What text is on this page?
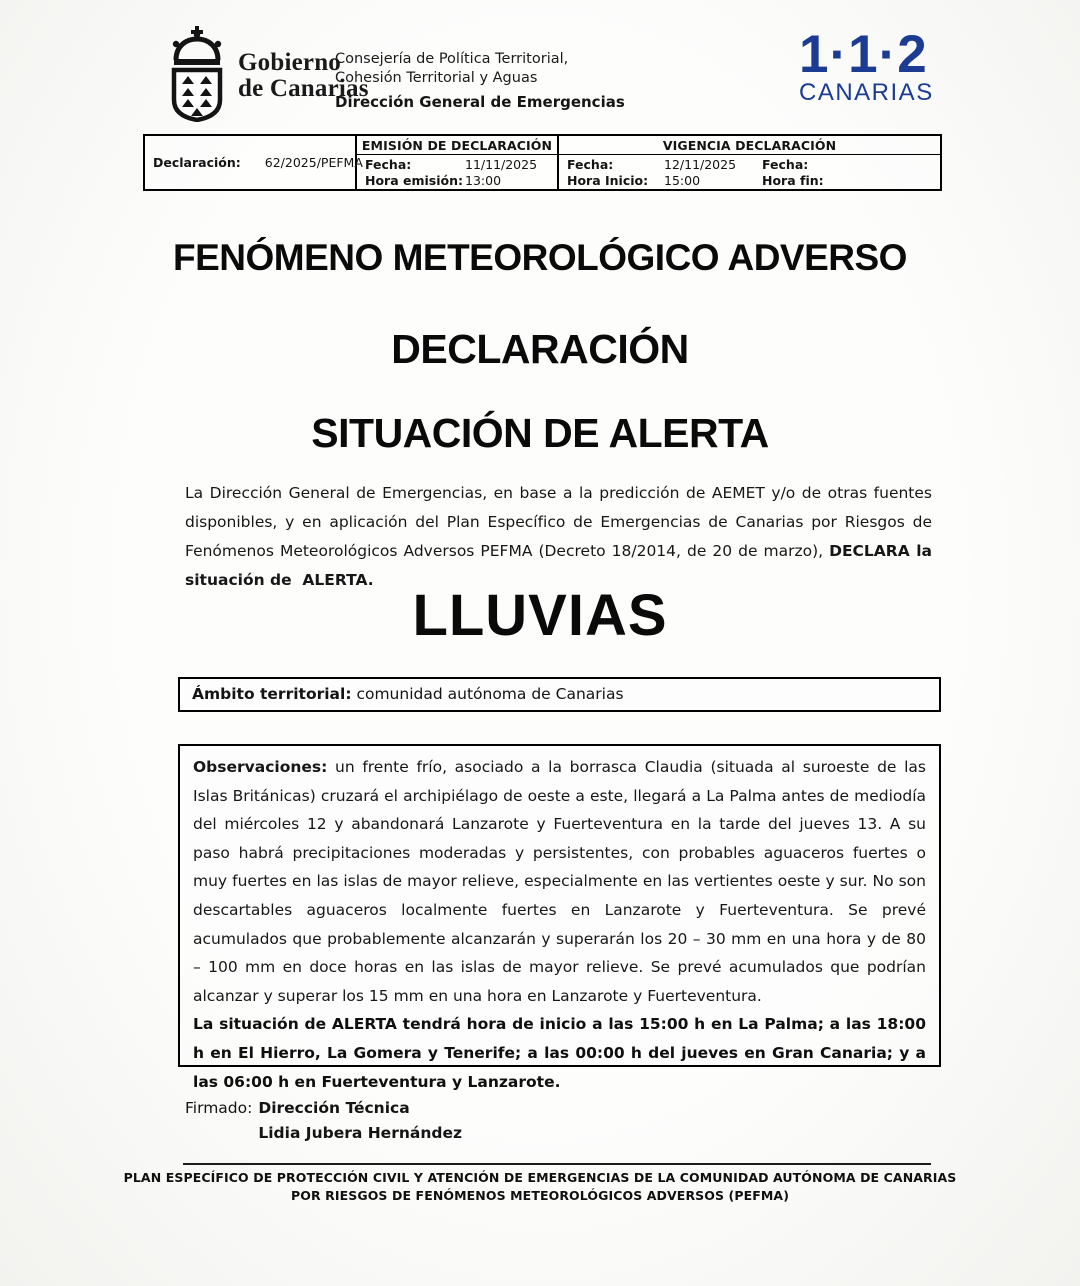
Gobierno
de Canarias
Consejería de Política Territorial,
Cohesión Territorial y Aguas
Dirección General de Emergencias
1·1·2
CANARIAS
Declaración: 62/2025/PEFMA
EMISIÓN DE DECLARACIÓN
Fecha:	11/11/2025
Hora emisión: 13:00
VIGENCIA DECLARACIÓN
Fecha:	12/11/2025	Fecha:
Hora Inicio:	15:00	Hora fin:
FENÓMENO METEOROLÓGICO ADVERSO
DECLARACIÓN
SITUACIÓN DE ALERTA

La Dirección General de Emergencias, en base a la predicción de AEMET y/o de otras fuentes disponibles, y en aplicación del Plan Específico de Emergencias de Canarias por Riesgos de Fenómenos Meteorológicos Adversos PEFMA (Decreto 18/2014, de 20 de marzo), DECLARA la situación de  ALERTA.

LLUVIAS
Ámbito territorial: comunidad autónoma de Canarias
Observaciones: un frente frío, asociado a la borrasca Claudia (situada al suroeste de las Islas Británicas) cruzará el archipiélago de oeste a este, llegará a La Palma antes de mediodía del miércoles 12 y abandonará Lanzarote y Fuerteventura en la tarde del jueves 13. A su paso habrá precipitaciones moderadas y persistentes, con probables aguaceros fuertes o muy fuertes en las islas de mayor relieve, especialmente en las vertientes oeste y sur. No son descartables aguaceros localmente fuertes en Lanzarote y Fuerteventura. Se prevé acumulados que probablemente alcanzarán y superarán los 20 – 30 mm en una hora y de 80 – 100 mm en doce horas en las islas de mayor relieve. Se prevé acumulados que podrían alcanzar y superar los 15 mm en una hora en Lanzarote y Fuerteventura.
La situación de ALERTA tendrá hora de inicio a las 15:00 h en La Palma; a las 18:00 h en El Hierro, La Gomera y Tenerife; a las 00:00 h del jueves en Gran Canaria; y a las 06:00 h en Fuerteventura y Lanzarote.
Firmado: Dirección Técnica
Lidia Jubera Hernández
PLAN ESPECÍFICO DE PROTECCIÓN CIVIL Y ATENCIÓN DE EMERGENCIAS DE LA COMUNIDAD AUTÓNOMA DE CANARIAS
POR RIESGOS DE FENÓMENOS METEOROLÓGICOS ADVERSOS (PEFMA)
